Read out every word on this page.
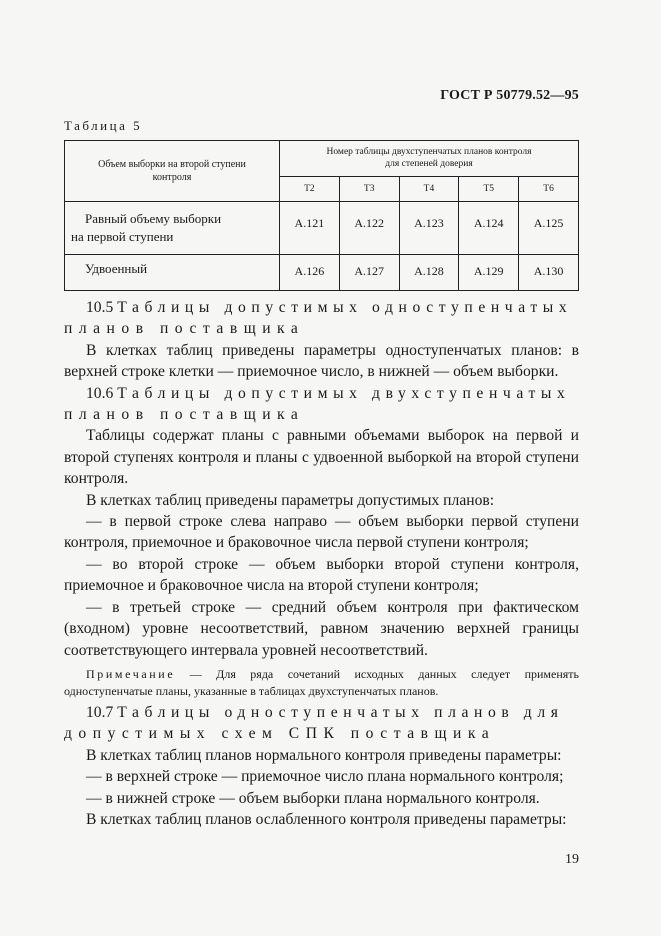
ГОСТ Р 50779.52—95
Таблица 5
Объем выборки на второй ступени контроля	Номер таблицы двухступенчатых планов контроля
для степеней доверия				
	Т2	Т3	Т4	Т5	Т6
Равный объему выборки
на первой ступени	А.121	А.122	А.123	А.124	А.125
Удвоенный	А.126	А.127	А.128	А.129	А.130

10.5 Таблицы допустимых одноступенчатых

планов поставщика

В клетках таблиц приведены параметры одноступенчатых планов: в верхней строке клетки — приемочное число, в нижней — объем выборки.

10.6 Таблицы допустимых двухступенчатых

планов поставщика

Таблицы содержат планы с равными объемами выборок на первой и второй ступенях контроля и планы с удвоенной выборкой на второй ступени контроля.

В клетках таблиц приведены параметры допустимых планов:

— в первой строке слева направо — объем выборки первой ступени контроля, приемочное и браковочное числа первой ступени контроля;

— во второй строке — объем выборки второй ступени контроля, приемочное и браковочное числа на второй ступени контроля;

— в третьей строке — средний объем контроля при фактическом (входном) уровне несоответствий, равном значению верхней границы соответствующего интервала уровней несоответствий.

Примечание — Для ряда сочетаний исходных данных следует применять одноступенчатые планы, указанные в таблицах двухступенчатых планов.

10.7 Таблицы одноступенчатых планов для

допустимых схем СПК поставщика

В клетках таблиц планов нормального контроля приведены параметры:

— в верхней строке — приемочное число плана нормального контроля;

— в нижней строке — объем выборки плана нормального контроля.

В клетках таблиц планов ослабленного контроля приведены параметры:

19
